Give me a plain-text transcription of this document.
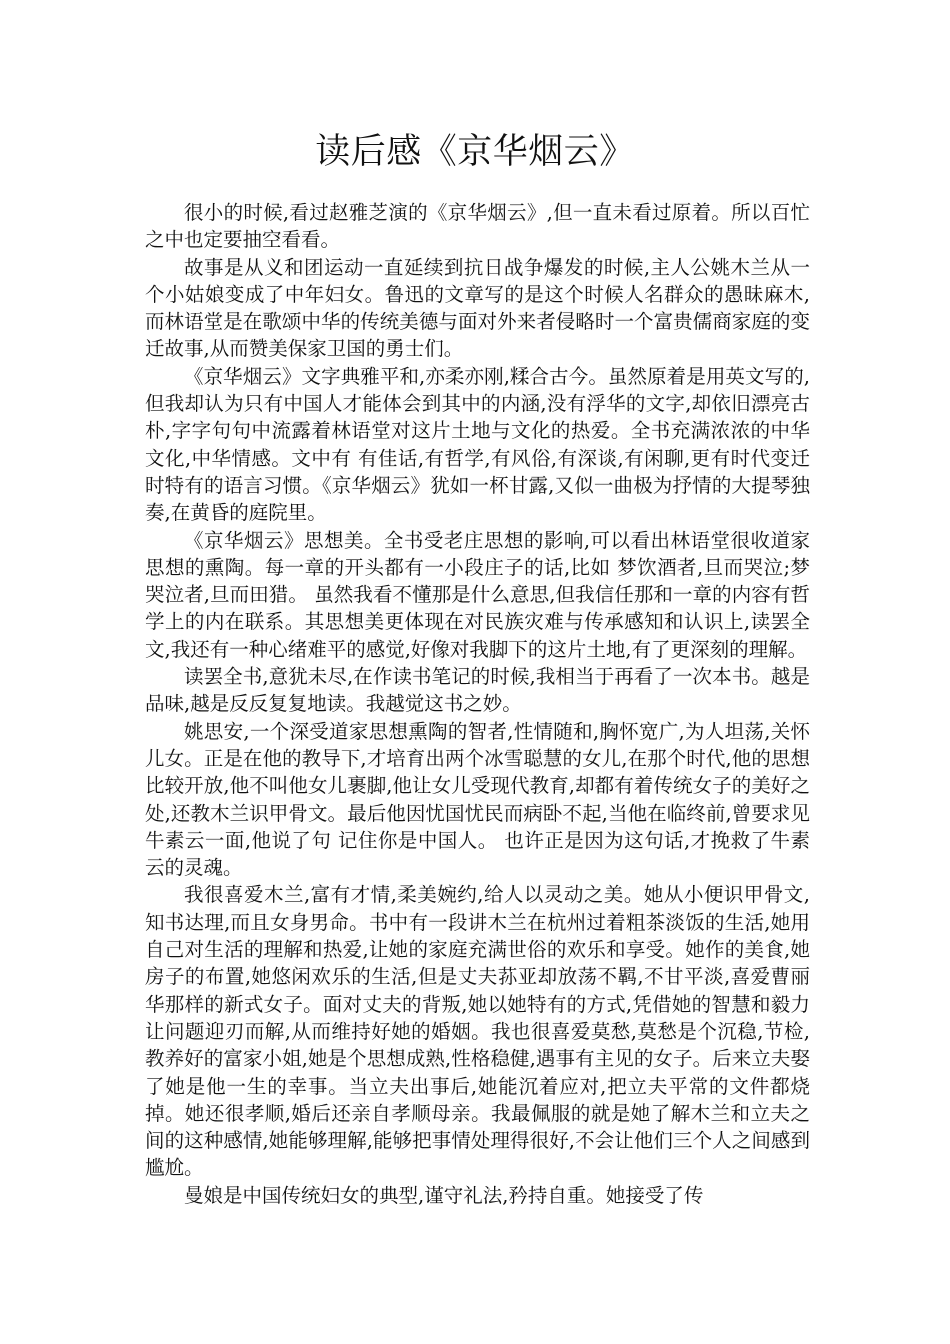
读后感《京华烟云》

很小的时候,看过赵雅芝演的《京华烟云》,但一直未看过原着。所以百忙之中也定要抽空看看。

故事是从义和团运动一直延续到抗日战争爆发的时候,主人公姚木兰从一个小姑娘变成了中年妇女。鲁迅的文章写的是这个时候人名群众的愚昧麻木,而林语堂是在歌颂中华的传统美德与面对外来者侵略时一个富贵儒商家庭的变迁故事,从而赞美保家卫国的勇士们。

《京华烟云》文字典雅平和,亦柔亦刚,糅合古今。虽然原着是用英文写的,但我却认为只有中国人才能体会到其中的内涵,没有浮华的文字,却依旧漂亮古朴,字字句句中流露着林语堂对这片土地与文化的热爱。全书充满浓浓的中华文化,中华情感。文中有 有佳话,有哲学,有风俗,有深谈,有闲聊,更有时代变迁时特有的语言习惯。《京华烟云》犹如一杯甘露,又似一曲极为抒情的大提琴独奏,在黄昏的庭院里。

《京华烟云》思想美。全书受老庄思想的影响,可以看出林语堂很收道家思想的熏陶。每一章的开头都有一小段庄子的话,比如 梦饮酒者,旦而哭泣;梦哭泣者,旦而田猎。 虽然我看不懂那是什么意思,但我信任那和一章的内容有哲学上的内在联系。其思想美更体现在对民族灾难与传承感知和认识上,读罢全文,我还有一种心绪难平的感觉,好像对我脚下的这片土地,有了更深刻的理解。

读罢全书,意犹未尽,在作读书笔记的时候,我相当于再看了一次本书。越是品味,越是反反复复地读。我越觉这书之妙。

姚思安,一个深受道家思想熏陶的智者,性情随和,胸怀宽广,为人坦荡,关怀儿女。正是在他的教导下,才培育出两个冰雪聪慧的女儿,在那个时代,他的思想比较开放,他不叫他女儿裹脚,他让女儿受现代教育,却都有着传统女子的美好之处,还教木兰识甲骨文。最后他因忧国忧民而病卧不起,当他在临终前,曾要求见牛素云一面,他说了句 记住你是中国人。 也许正是因为这句话,才挽救了牛素云的灵魂。

我很喜爱木兰,富有才情,柔美婉约,给人以灵动之美。她从小便识甲骨文,知书达理,而且女身男命。书中有一段讲木兰在杭州过着粗茶淡饭的生活,她用自己对生活的理解和热爱,让她的家庭充满世俗的欢乐和享受。她作的美食,她房子的布置,她悠闲欢乐的生活,但是丈夫荪亚却放荡不羁,不甘平淡,喜爱曹丽华那样的新式女子。面对丈夫的背叛,她以她特有的方式,凭借她的智慧和毅力让问题迎刃而解,从而维持好她的婚姻。我也很喜爱莫愁,莫愁是个沉稳,节检,教养好的富家小姐,她是个思想成熟,性格稳健,遇事有主见的女子。后来立夫娶了她是他一生的幸事。当立夫出事后,她能沉着应对,把立夫平常的文件都烧掉。她还很孝顺,婚后还亲自孝顺母亲。我最佩服的就是她了解木兰和立夫之间的这种感情,她能够理解,能够把事情处理得很好,不会让他们三个人之间感到尴尬。

曼娘是中国传统妇女的典型,谨守礼法,矜持自重。她接受了传
